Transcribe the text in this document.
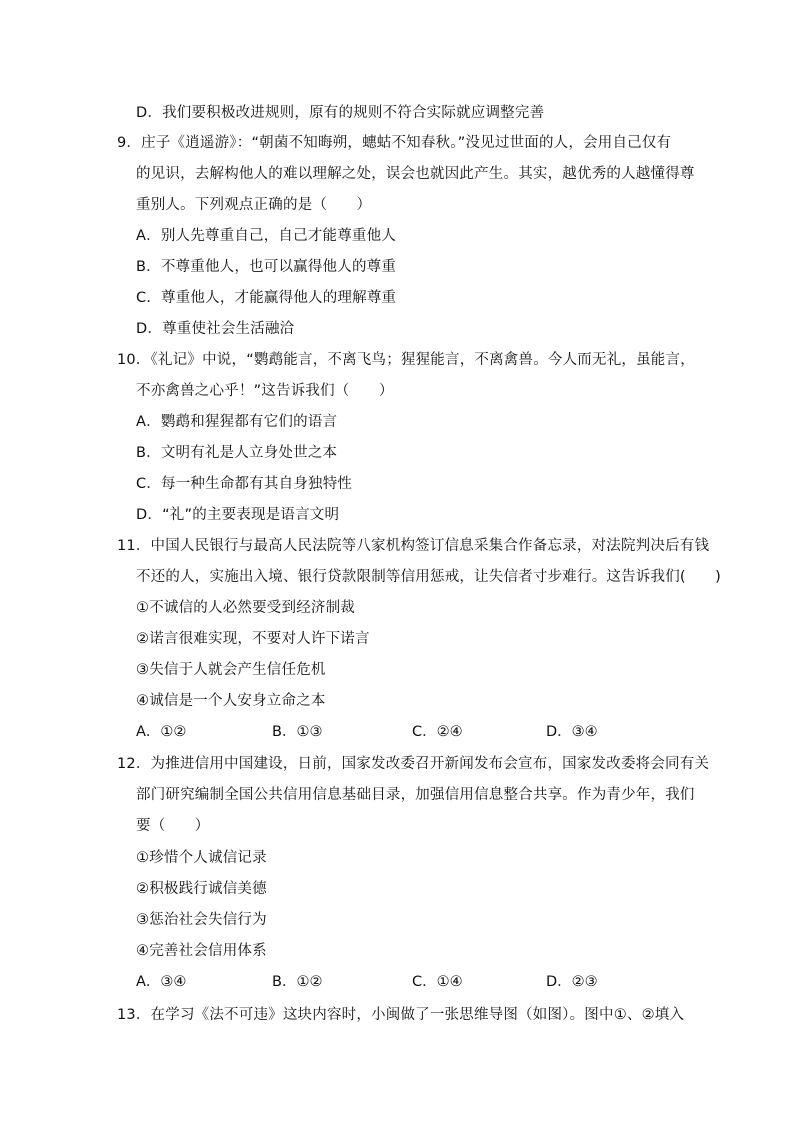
D．我们要积极改进规则，原有的规则不符合实际就应调整完善
9．庄子《逍遥游》：“朝菌不知晦朔，蟪蛄不知春秋。”没见过世面的人，会用自己仅有
的见识，去解构他人的难以理解之处，误会也就因此产生。其实，越优秀的人越懂得尊
重别人。下列观点正确的是（　　）
A．别人先尊重自己，自己才能尊重他人
B．不尊重他人，也可以赢得他人的尊重
C．尊重他人，才能赢得他人的理解尊重
D．尊重使社会生活融洽
10．《礼记》中说，“鹦鹉能言，不离飞鸟；猩猩能言，不离禽兽。今人而无礼，虽能言，
不亦禽兽之心乎！”这告诉我们（　　）
A．鹦鹉和猩猩都有它们的语言
B．文明有礼是人立身处世之本
C．每一种生命都有其自身独特性
D．“礼”的主要表现是语言文明
11．中国人民银行与最高人民法院等八家机构签订信息采集合作备忘录，对法院判决后有钱
不还的人，实施出入境、银行贷款限制等信用惩戒，让失信者寸步难行。这告诉我们(　　)
①不诚信的人必然要受到经济制裁
②诺言很难实现，不要对人许下诺言
③失信于人就会产生信任危机
④诚信是一个人安身立命之本
A．①②	B．①③	C．②④	D．③④
12．为推进信用中国建设，日前，国家发改委召开新闻发布会宣布，国家发改委将会同有关
部门研究编制全国公共信用信息基础目录，加强信用信息整合共享。作为青少年，我们
要（　　）
①珍惜个人诚信记录
②积极践行诚信美德
③惩治社会失信行为
④完善社会信用体系
A．③④	B．①②	C．①④	D．②③
13．在学习《法不可违》这块内容时，小闽做了一张思维导图（如图）。图中①、②填入
